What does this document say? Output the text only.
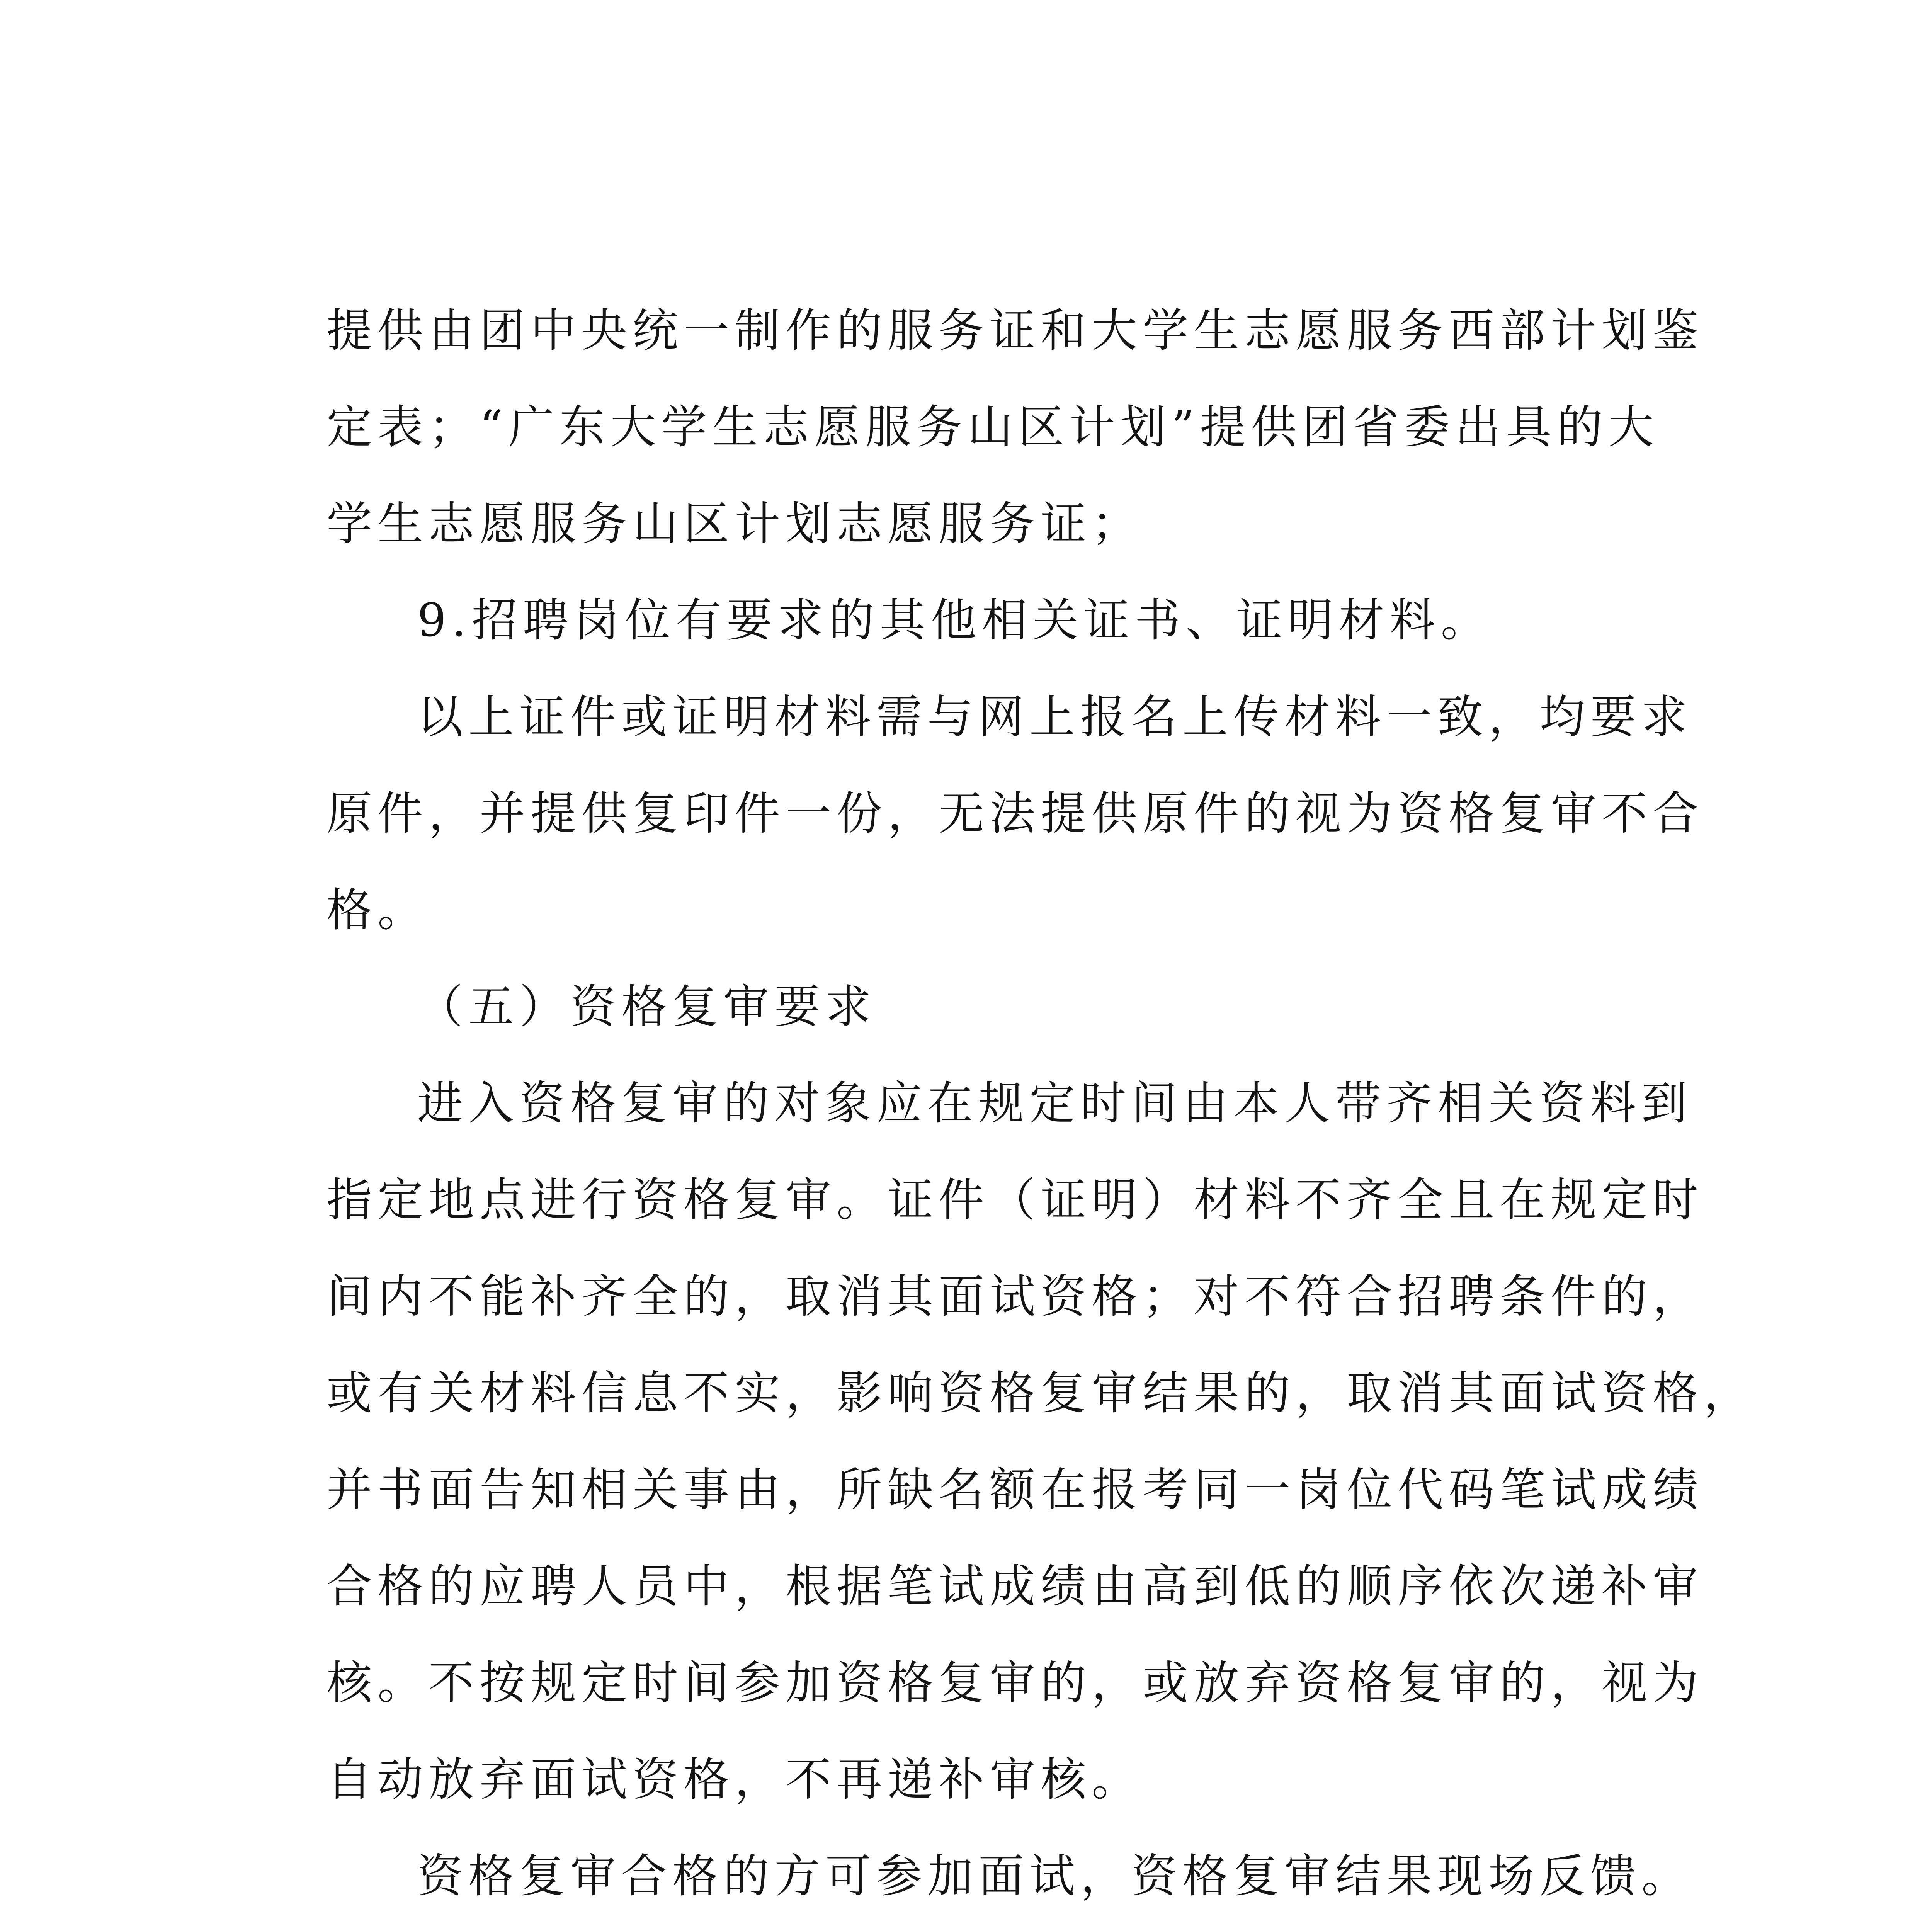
提供由团中央统一制作的服务证和大学生志愿服务西部计划鉴
定表；“广东大学生志愿服务山区计划”提供团省委出具的大
学生志愿服务山区计划志愿服务证；
9.招聘岗位有要求的其他相关证书、证明材料。
以上证件或证明材料需与网上报名上传材料一致，均要求
原件，并提供复印件一份，无法提供原件的视为资格复审不合
格。
（五）资格复审要求
进入资格复审的对象应在规定时间由本人带齐相关资料到
指定地点进行资格复审。证件（证明）材料不齐全且在规定时
间内不能补齐全的，取消其面试资格；对不符合招聘条件的，
或有关材料信息不实，影响资格复审结果的，取消其面试资格，
并书面告知相关事由，所缺名额在报考同一岗位代码笔试成绩
合格的应聘人员中，根据笔试成绩由高到低的顺序依次递补审
核。不按规定时间参加资格复审的，或放弃资格复审的，视为
自动放弃面试资格，不再递补审核。
资格复审合格的方可参加面试，资格复审结果现场反馈。
